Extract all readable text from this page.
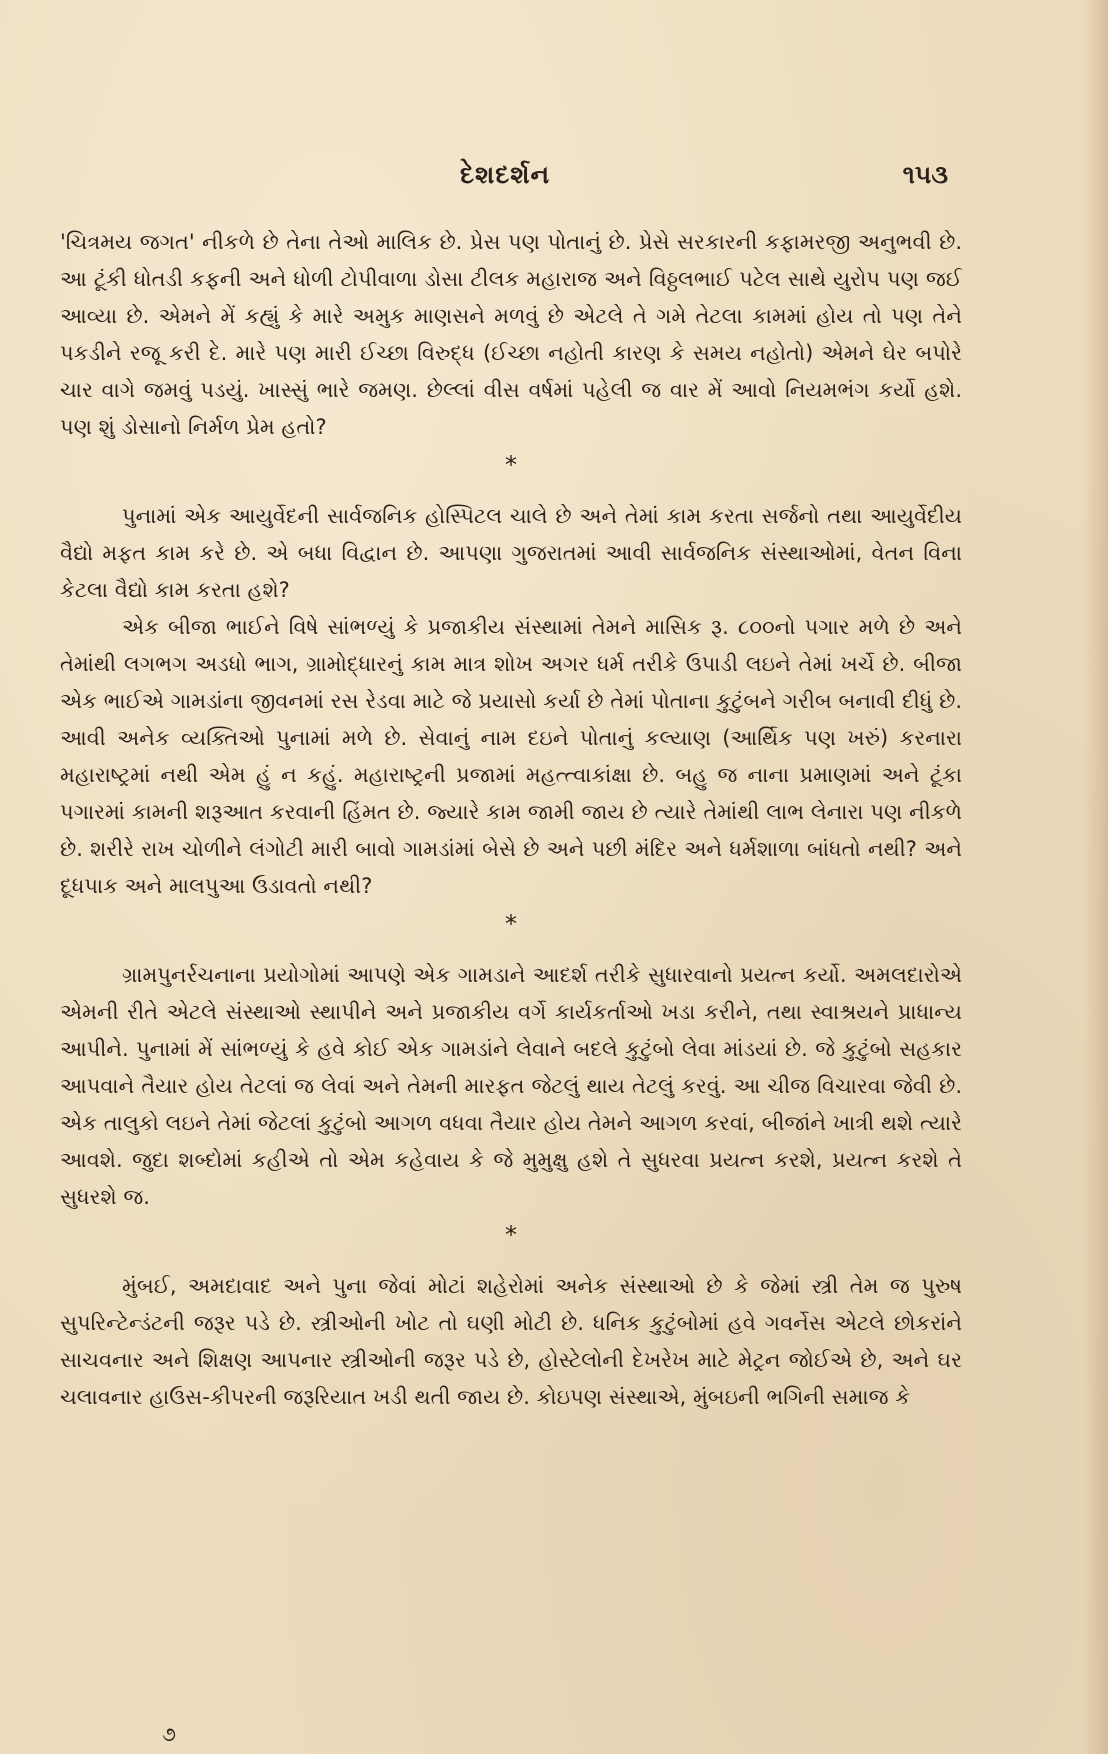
દેશદર્શન	૧૫૩

'ચિત્રમય જગત' નીકળે છે તેના તેઓ માલિક છે. પ્રેસ પણ પોતાનું છે. પ્રેસે સરકારની કફામરજી અનુભવી છે. આ ટૂંકી ધોતડી કફની અને ધોળી ટોપીવાળા ડોસા ટીલક મહારાજ અને વિઠ્ઠલભાઈ પટેલ સાથે યુરોપ પણ જઈ આવ્યા છે. એમને મેં કહ્યું કે મારે અમુક માણસને મળવું છે એટલે તે ગમે તેટલા કામમાં હોય તો પણ તેને પકડીને રજૂ કરી દે. મારે પણ મારી ઈચ્છા વિરુદ્ધ (ઈચ્છા નહોતી કારણ કે સમય નહોતો) એમને ઘેર બપોરે ચાર વાગે જમવું પડયું. ખાસ્સું ભારે જમણ. છેલ્લાં વીસ વર્ષમાં પહેલી જ વાર મેં આવો નિયમભંગ કર્યો હશે. પણ શું ડોસાનો નિર્મળ પ્રેમ હતો?

*

પુનામાં એક આયુર્વેદની સાર્વજનિક હોસ્પિટલ ચાલે છે અને તેમાં કામ કરતા સર્જનો તથા આયુર્વેદીય વૈદ્યો મફત કામ કરે છે. એ બધા વિદ્વાન છે. આપણા ગુજરાતમાં આવી સાર્વજનિક સંસ્થાઓમાં, વેતન વિના કેટલા વૈદ્યો કામ કરતા હશે?

એક બીજા ભાઈને વિષે સાંભળ્યું કે પ્રજાકીય સંસ્થામાં તેમને માસિક રૂ. ૮૦૦નો પગાર મળે છે અને તેમાંથી લગભગ અડધો ભાગ, ગ્રામોદ્ધારનું કામ માત્ર શોખ અગર ધર્મ તરીકે ઉપાડી લઇને તેમાં ખર્ચે છે. બીજા એક ભાઈએ ગામડાંના જીવનમાં રસ રેડવા માટે જે પ્રયાસો કર્યા છે તેમાં પોતાના કુટુંબને ગરીબ બનાવી દીધું છે. આવી અનેક વ્યક્તિઓ પુનામાં મળે છે. સેવાનું નામ દઇને પોતાનું કલ્યાણ (આર્થિક પણ ખરું) કરનારા મહારાષ્ટ્રમાં નથી એમ હું ન કહું. મહારાષ્ટ્રની પ્રજામાં મહત્ત્વાકાંક્ષા છે. બહુ જ નાના પ્રમાણમાં અને ટૂંકા પગારમાં કામની શરૂઆત કરવાની હિંમત છે. જ્યારે કામ જામી જાય છે ત્યારે તેમાંથી લાભ લેનારા પણ નીકળે છે. શરીરે રાખ ચોળીને લંગોટી મારી બાવો ગામડાંમાં બેસે છે અને પછી મંદિર અને ધર્મશાળા બાંધતો નથી? અને દૂધપાક અને માલપુઆ ઉડાવતો નથી?

*

ગ્રામપુનર્રચનાના પ્રયોગોમાં આપણે એક ગામડાને આદર્શ તરીકે સુધારવાનો પ્રયત્ન કર્યો. અમલદારોએ એમની રીતે એટલે સંસ્થાઓ સ્થાપીને અને પ્રજાકીય વર્ગે કાર્યકર્તાઓ ખડા કરીને, તથા સ્વાશ્રયને પ્રાધાન્ય આપીને. પુનામાં મેં સાંભળ્યું કે હવે કોઈ એક ગામડાંને લેવાને બદલે કુટુંબો લેવા માંડયાં છે. જે કુટુંબો સહકાર આપવાને તૈયાર હોય તેટલાં જ લેવાં અને તેમની મારફત જેટલું થાય તેટલું કરવું. આ ચીજ વિચારવા જેવી છે. એક તાલુકો લઇને તેમાં જેટલાં કુટુંબો આગળ વધવા તૈયાર હોય તેમને આગળ કરવાં, બીજાંને ખાત્રી થશે ત્યારે આવશે. જુદા શબ્દોમાં કહીએ તો એમ કહેવાય કે જે મુમુક્ષુ હશે તે સુધરવા પ્રયત્ન કરશે, પ્રયત્ન કરશે તે સુધરશે જ.

*

મુંબઈ, અમદાવાદ અને પુના જેવાં મોટાં શહેરોમાં અનેક સંસ્થાઓ છે કે જેમાં સ્ત્રી તેમ જ પુરુષ સુપરિન્ટેન્ડંટની જરૂર પડે છે. સ્ત્રીઓની ખોટ તો ઘણી મોટી છે. ધનિક કુટુંબોમાં હવે ગવર્નેસ એટલે છોકરાંને સાચવનાર અને શિક્ષણ આપનાર સ્ત્રીઓની જરૂર પડે છે, હોસ્ટેલોની દેખરેખ માટે મેટ્રન જોઈએ છે, અને ઘર ચલાવનાર હાઉસ-કીપરની જરૂરિયાત ખડી થતી જાય છે. કોઇપણ સંસ્થાએ, મુંબઇની ભગિની સમાજ કે

૭
